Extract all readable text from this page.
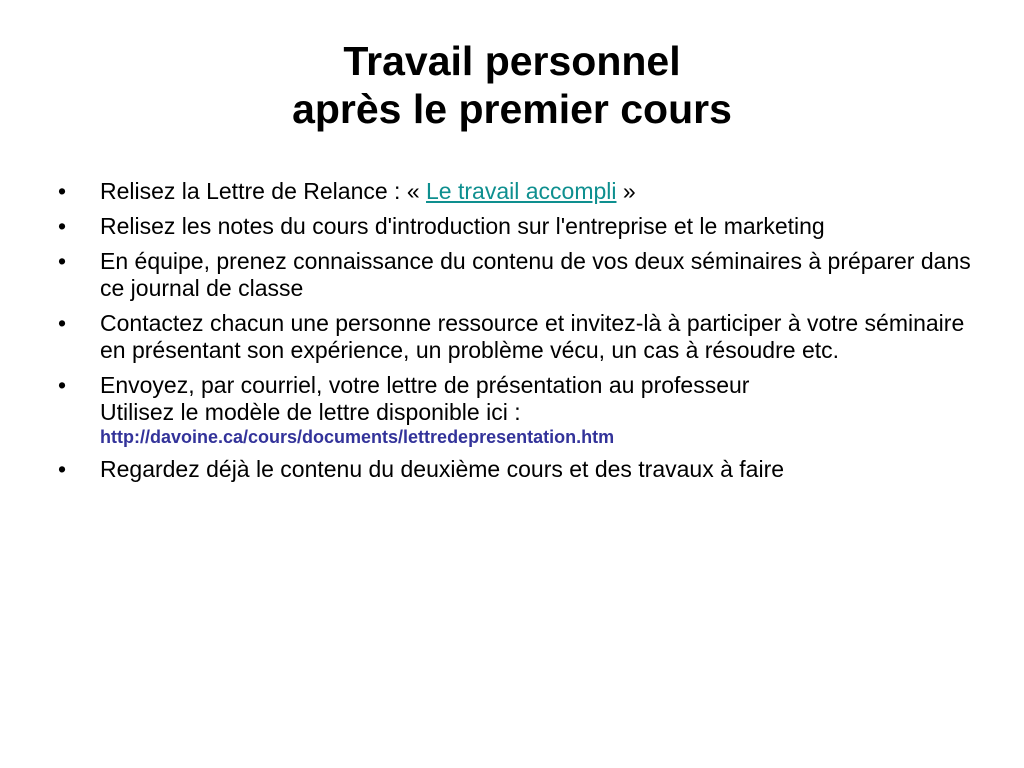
Travail personnel
après le premier cours
• Relisez la Lettre de Relance : « Le travail accompli »
• Relisez les notes du cours d'introduction sur l'entreprise et le marketing
• En équipe, prenez connaissance du contenu de vos deux séminaires à préparer dans ce journal de classe
• Contactez chacun une personne ressource et invitez-là à participer à votre séminaire
en présentant son expérience, un problème vécu, un cas à résoudre etc.
• Envoyez, par courriel, votre lettre de présentation au professeur
Utilisez le modèle de lettre disponible ici :
http://davoine.ca/cours/documents/lettredepresentation.htm
• Regardez déjà le contenu du deuxième cours et des travaux à faire
